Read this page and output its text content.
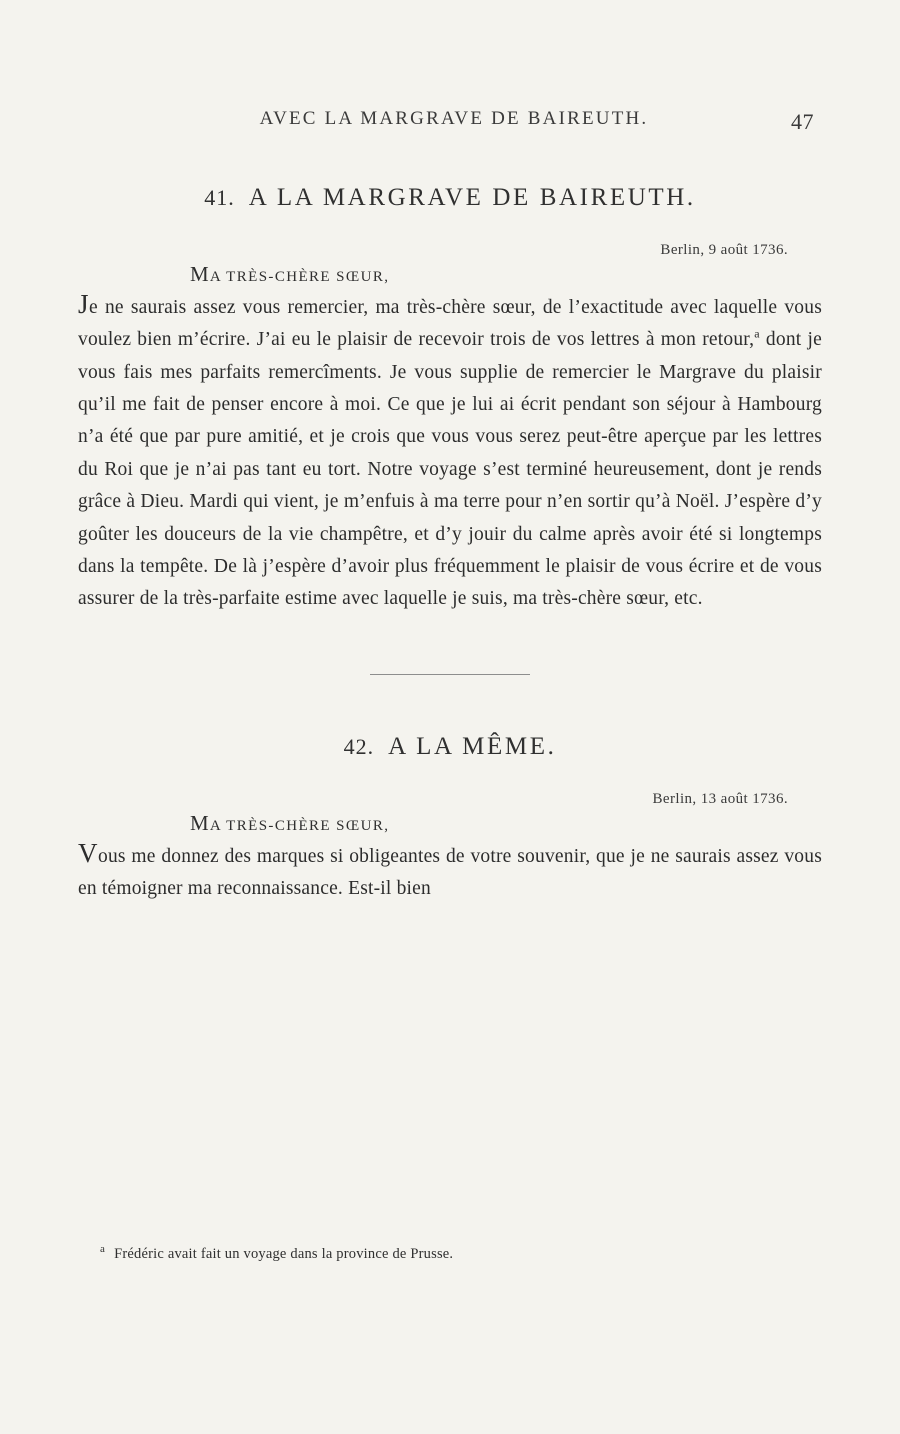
AVEC LA MARGRAVE DE BAIREUTH.	47
41. A LA MARGRAVE DE BAIREUTH.
Berlin, 9 août 1736.
MA TRÈS-CHÈRE SŒUR,
Je ne saurais assez vous remercier, ma très-chère sœur, de l’exactitude avec laquelle vous voulez bien m’écrire. J’ai eu le plaisir de recevoir trois de vos lettres à mon retour,$^a$ dont je vous fais mes parfaits remercîments. Je vous supplie de remercier le Margrave du plaisir qu’il me fait de penser encore à moi. Ce que je lui ai écrit pendant son séjour à Hambourg n’a été que par pure amitié, et je crois que vous vous serez peut-être aperçue par les lettres du Roi que je n’ai pas tant eu tort. Notre voyage s’est terminé heureusement, dont je rends grâce à Dieu. Mardi qui vient, je m’enfuis à ma terre pour n’en sortir qu’à Noël. J’espère d’y goûter les douceurs de la vie champêtre, et d’y jouir du calme après avoir été si longtemps dans la tempête. De là j’espère d’avoir plus fréquemment le plaisir de vous écrire et de vous assurer de la très-parfaite estime avec laquelle je suis, ma très-chère sœur, etc.
42. A LA MÊME.
Berlin, 13 août 1736.
MA TRÈS-CHÈRE SŒUR,
Vous me donnez des marques si obligeantes de votre souvenir, que je ne saurais assez vous en témoigner ma reconnaissance. Est-il bien
$^a$ Frédéric avait fait un voyage dans la province de Prusse.
